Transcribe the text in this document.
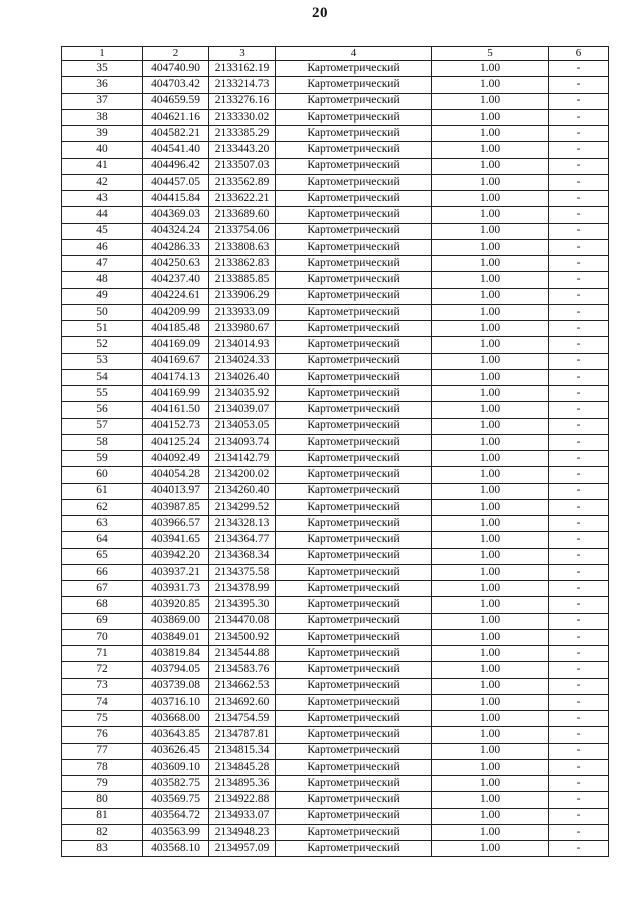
20
1	2	3	4	5	6
35	404740.90	2133162.19	Картометрический	1.00	-
36	404703.42	2133214.73	Картометрический	1.00	-
37	404659.59	2133276.16	Картометрический	1.00	-
38	404621.16	2133330.02	Картометрический	1.00	-
39	404582.21	2133385.29	Картометрический	1.00	-
40	404541.40	2133443.20	Картометрический	1.00	-
41	404496.42	2133507.03	Картометрический	1.00	-
42	404457.05	2133562.89	Картометрический	1.00	-
43	404415.84	2133622.21	Картометрический	1.00	-
44	404369.03	2133689.60	Картометрический	1.00	-
45	404324.24	2133754.06	Картометрический	1.00	-
46	404286.33	2133808.63	Картометрический	1.00	-
47	404250.63	2133862.83	Картометрический	1.00	-
48	404237.40	2133885.85	Картометрический	1.00	-
49	404224.61	2133906.29	Картометрический	1.00	-
50	404209.99	2133933.09	Картометрический	1.00	-
51	404185.48	2133980.67	Картометрический	1.00	-
52	404169.09	2134014.93	Картометрический	1.00	-
53	404169.67	2134024.33	Картометрический	1.00	-
54	404174.13	2134026.40	Картометрический	1.00	-
55	404169.99	2134035.92	Картометрический	1.00	-
56	404161.50	2134039.07	Картометрический	1.00	-
57	404152.73	2134053.05	Картометрический	1.00	-
58	404125.24	2134093.74	Картометрический	1.00	-
59	404092.49	2134142.79	Картометрический	1.00	-
60	404054.28	2134200.02	Картометрический	1.00	-
61	404013.97	2134260.40	Картометрический	1.00	-
62	403987.85	2134299.52	Картометрический	1.00	-
63	403966.57	2134328.13	Картометрический	1.00	-
64	403941.65	2134364.77	Картометрический	1.00	-
65	403942.20	2134368.34	Картометрический	1.00	-
66	403937.21	2134375.58	Картометрический	1.00	-
67	403931.73	2134378.99	Картометрический	1.00	-
68	403920.85	2134395.30	Картометрический	1.00	-
69	403869.00	2134470.08	Картометрический	1.00	-
70	403849.01	2134500.92	Картометрический	1.00	-
71	403819.84	2134544.88	Картометрический	1.00	-
72	403794.05	2134583.76	Картометрический	1.00	-
73	403739.08	2134662.53	Картометрический	1.00	-
74	403716.10	2134692.60	Картометрический	1.00	-
75	403668.00	2134754.59	Картометрический	1.00	-
76	403643.85	2134787.81	Картометрический	1.00	-
77	403626.45	2134815.34	Картометрический	1.00	-
78	403609.10	2134845.28	Картометрический	1.00	-
79	403582.75	2134895.36	Картометрический	1.00	-
80	403569.75	2134922.88	Картометрический	1.00	-
81	403564.72	2134933.07	Картометрический	1.00	-
82	403563.99	2134948.23	Картометрический	1.00	-
83	403568.10	2134957.09	Картометрический	1.00	-
